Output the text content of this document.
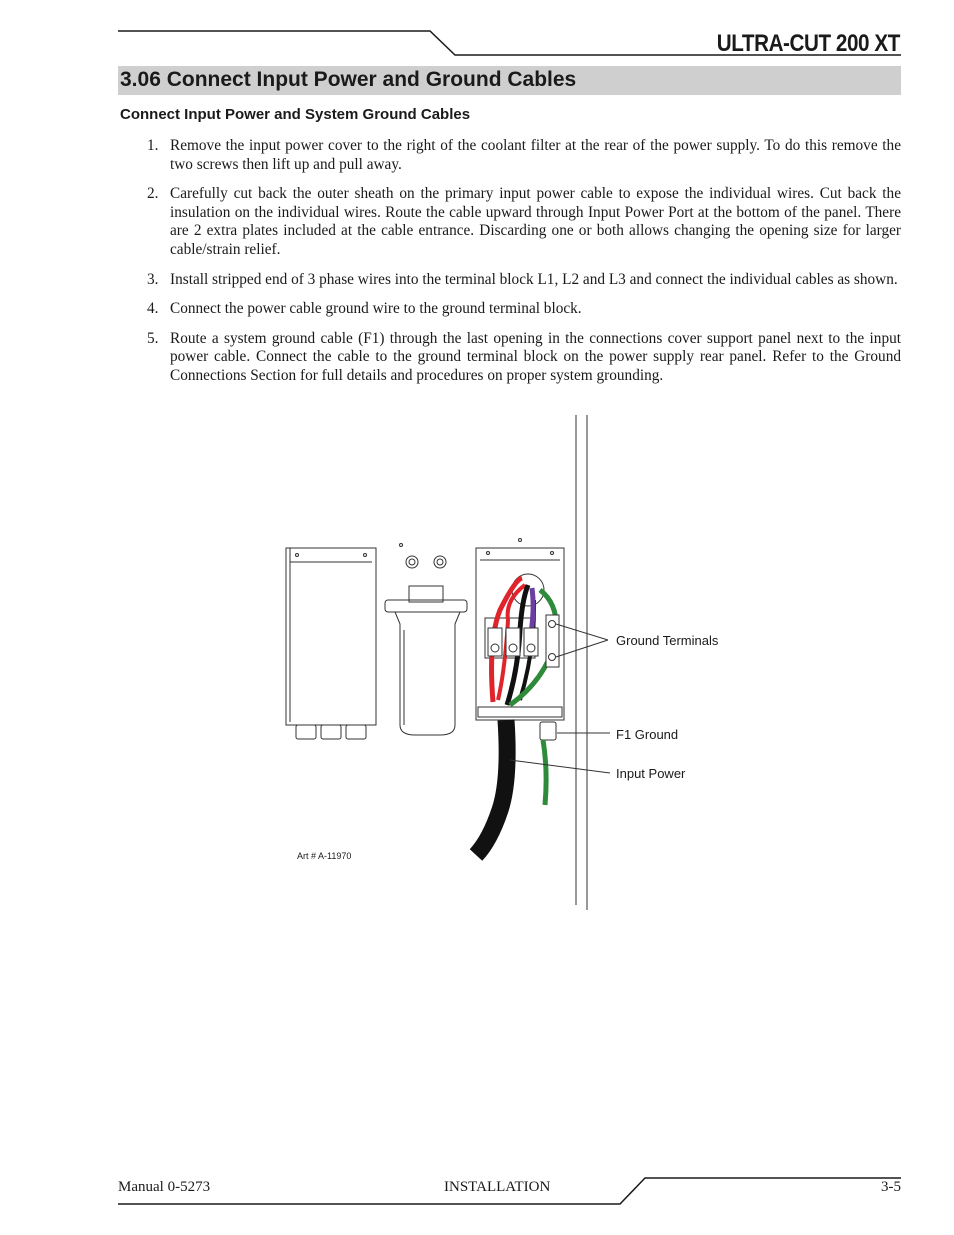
ULTRA-CUT 200 XT
3.06 Connect Input Power and Ground Cables
Connect Input Power and System Ground Cables
1. Remove the input power cover to the right of the coolant filter at the rear of the power supply. To do this remove the two screws then lift up and pull away.
2. Carefully cut back the outer sheath on the primary input power cable to expose the individual wires. Cut back the insulation on the individual wires. Route the cable upward through Input Power Port at the bottom of the panel. There are 2 extra plates included at the cable entrance. Discarding one or both allows changing the opening size for larger cable/strain relief.
3. Install stripped end of 3 phase wires into the terminal block L1, L2 and L3 and connect the individual cables as shown.
4. Connect the power cable ground wire to the ground terminal block.
5. Route a system ground cable (F1) through the last opening in the connections cover support panel next to the input power cable. Connect the cable to the ground terminal block on the power supply rear panel. Refer to the Ground Connections Section for full details and procedures on proper system grounding.
Ground Terminals
F1 Ground
Input Power
Art # A-11970
Manual 0-5273	INSTALLATION	3-5
